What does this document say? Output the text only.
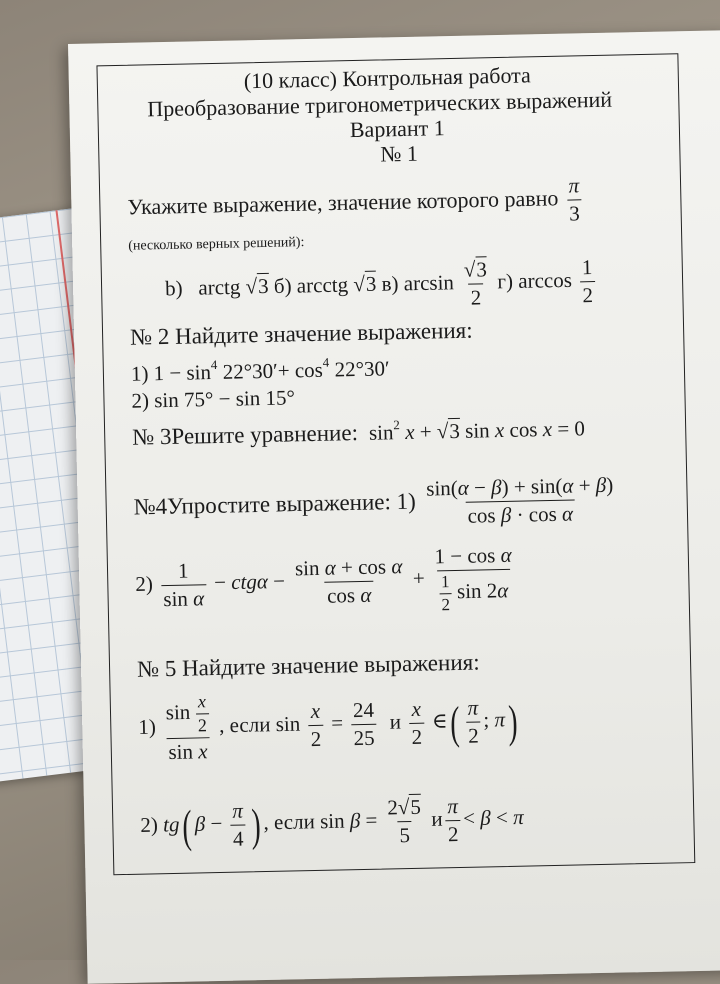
(10 класс) Контрольная работа
Преобразование тригонометрических выражений
Вариант 1
№ 1
Укажите выражение, значение которого равно $\frac{\pi}{3}$
(несколько верных решений):
b)   arctg √3 б) arcctg √3 в) $\arcsin \frac{√3}{2} г$) $\arccos \frac{1}{2}$
№ 2 Найдите значение выражения:
1) $1 - \sin^4 22^\circ 30'+ \cos^4 22^\circ 30'$
2) sin 75° − sin 15°
№ 3Решите уравнение:  $\sin^2 x + √3$ sin x cos x = 0
№4Упростите выражение: $1) \frac{\sin(\alpha - \beta) + \sin(\alpha + \beta)}{\text{cos β · cos α}}$
$2) \frac{1}{\text{sin α}} - ctg\alpha - \frac{\text{sin α + cos α}}{\text{cos α}} + \frac{\text{1 − cos α}}{\frac{1}{2} \sin 2\alpha}$
№ 5 Найдите значение выражения:
$1) \frac{\sin \frac{x}{2}}{\text{sin x}}$ , если $\sin \frac{x}{2} = \frac{24}{25}$ и $\frac{x}{2}$ ∈( $\frac{\pi}{2}$ ; π)
2) tg( $\beta - \frac{\pi}{4}$ ) , если $\sin \beta = \frac{2√5}{5}$ и $\frac{\pi}{2} < \beta < \pi$
